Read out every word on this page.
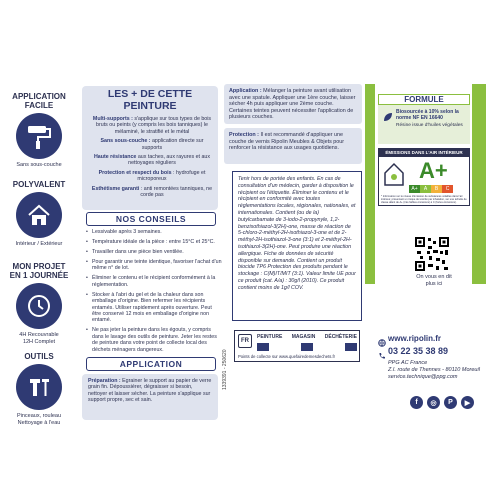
APPLICATION FACILE
Sans sous-couche
POLYVALENT
Intérieur / Extérieur
MON PROJET EN 1 JOURNÉE
4H Recouvrable
12H Complet
OUTILS
Pinceaux, rouleau Nettoyage à l'eau
LES + DE CETTE PEINTURE
Multi-supports : s'applique sur tous types de bois bruts ou peints (y compris les bois tanniques) le mélaminé, le stratifié et le métal
Sans sous-couche : application directe sur supports
Haute résistance aux taches, aux rayures et aux nettoyages réguliers
Protection et respect du bois : hydrofuge et microporeux
Esthétisme garanti : anti remontées tanniques, ne corde pas
NOS CONSEILS
• Lessivable après 3 semaines.
• Température idéale de la pièce : entre 15°C et 25°C.
• Travailler dans une pièce bien ventilée.
• Pour garantir une teinte identique, favoriser l'achat d'un même n° de lot.
• Éliminer le contenu et le récipient conformément à la réglementation.
• Stocker à l'abri du gel et de la chaleur dans son emballage d'origine. Bien refermer les récipients entamés. Utiliser rapidement après ouverture. Peut être conservé 12 mois en emballage d'origine non entamé.
• Ne pas jeter la peinture dans les égouts, y compris dans le lavage des outils de peinture. Jeter les restes de peinture dans votre point de collecte local des déchets ménagers dangereux.
APPLICATION
Préparation : Egrainer le support au papier de verre grain fin. Dépoussiérer, dégraisser si besoin, nettoyer et laisser sécher. La peinture s'applique sur support propre, sec et sain.
Application : Mélanger la peinture avant utilisation avec une spatule. Appliquer une 1ère couche, laisser sécher 4h puis appliquer une 2ème couche. Certaines teintes peuvent nécessiter l'application de plusieurs couches.
Protection : Il est recommandé d'appliquer une couche de vernis Ripolin Meubles & Objets pour renforcer la résistance aux usages quotidiens.
Tenir hors de portée des enfants. En cas de consultation d'un médecin, garder à disposition le récipient ou l'étiquette. Éliminer le contenu et le récipient en conformité avec toutes réglementations locales, régionales, nationales, et internationales. Contient (ou de la) butylcarbamate de 3-iodo-2-propynyle, 1,2-benzisothiazol-3(2H)-one, masse de réaction de 5-chloro-2-méthyl-2H-isothiazol-3-one et de 2-méthyl-2H-isothiazol-3-one (3:1) et 2-méthyl-2H-isothiazol-3(2H)-one. Peut produire une réaction allergique. Fiche de données de sécurité disponible sur demande. Contient un produit biocide TP6 Protection des produits pendant le stockage : C(M)IT/MIT (3:1). Valeur limite UE pour ce produit (cat. A/a) : 30g/l (2010). Ce produit contient moins de 1g/l COV.
FR
PEINTURE MAGASIN DÉCHÈTERIE
Points de collecte sur www.quefairedemesdechets.fr
1339391 - 250620
Biosourcée à 10% selon la norme NF EN 16640
Résine issue d'huiles végétales
FORMULE
ÉMISSIONS DANS L'AIR INTÉRIEUR
A+
A+	A	B	C
* Information sur le niveau d'émission de substances volatiles dans l'air intérieur, présentant un risque de toxicité par inhalation, sur une échelle de classe allant de A+ (très faibles émissions) à C (fortes émissions).
On vous en dit plus ici
www.ripolin.fr
03 22 35 38 89
PPG AC France
Z.I. route de Thennes - 80110 Moreuil
service.technique@ppg.com
f	◎	P	▶
